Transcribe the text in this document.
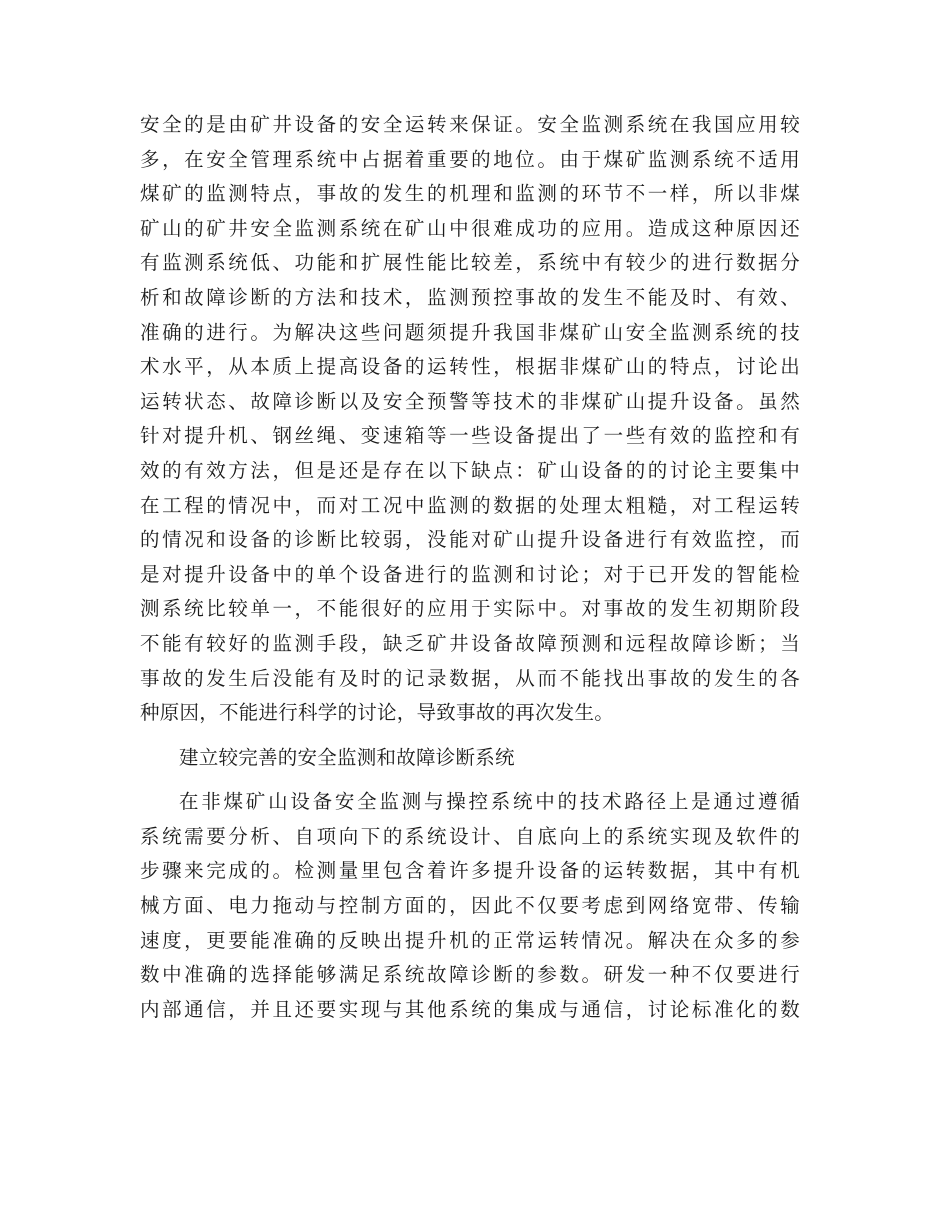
安全的是由矿井设备的安全运转来保证。安全监测系统在我国应用较
多，在安全管理系统中占据着重要的地位。由于煤矿监测系统不适用
煤矿的监测特点，事故的发生的机理和监测的环节不一样，所以非煤
矿山的矿井安全监测系统在矿山中很难成功的应用。造成这种原因还
有监测系统低、功能和扩展性能比较差，系统中有较少的进行数据分
析和故障诊断的方法和技术，监测预控事故的发生不能及时、有效、
准确的进行。为解决这些问题须提升我国非煤矿山安全监测系统的技
术水平，从本质上提高设备的运转性，根据非煤矿山的特点，讨论出
运转状态、故障诊断以及安全预警等技术的非煤矿山提升设备。虽然
针对提升机、钢丝绳、变速箱等一些设备提出了一些有效的监控和有
效的有效方法，但是还是存在以下缺点：矿山设备的的讨论主要集中
在工程的情况中，而对工况中监测的数据的处理太粗糙，对工程运转
的情况和设备的诊断比较弱，没能对矿山提升设备进行有效监控，而
是对提升设备中的单个设备进行的监测和讨论；对于已开发的智能检
测系统比较单一，不能很好的应用于实际中。对事故的发生初期阶段
不能有较好的监测手段，缺乏矿井设备故障预测和远程故障诊断；当
事故的发生后没能有及时的记录数据，从而不能找出事故的发生的各
种原因，不能进行科学的讨论，导致事故的再次发生。
建立较完善的安全监测和故障诊断系统
在非煤矿山设备安全监测与操控系统中的技术路径上是通过遵循
系统需要分析、自项向下的系统设计、自底向上的系统实现及软件的
步骤来完成的。检测量里包含着许多提升设备的运转数据，其中有机
械方面、电力拖动与控制方面的，因此不仅要考虑到网络宽带、传输
速度，更要能准确的反映出提升机的正常运转情况。解决在众多的参
数中准确的选择能够满足系统故障诊断的参数。研发一种不仅要进行
内部通信，并且还要实现与其他系统的集成与通信，讨论标准化的数
